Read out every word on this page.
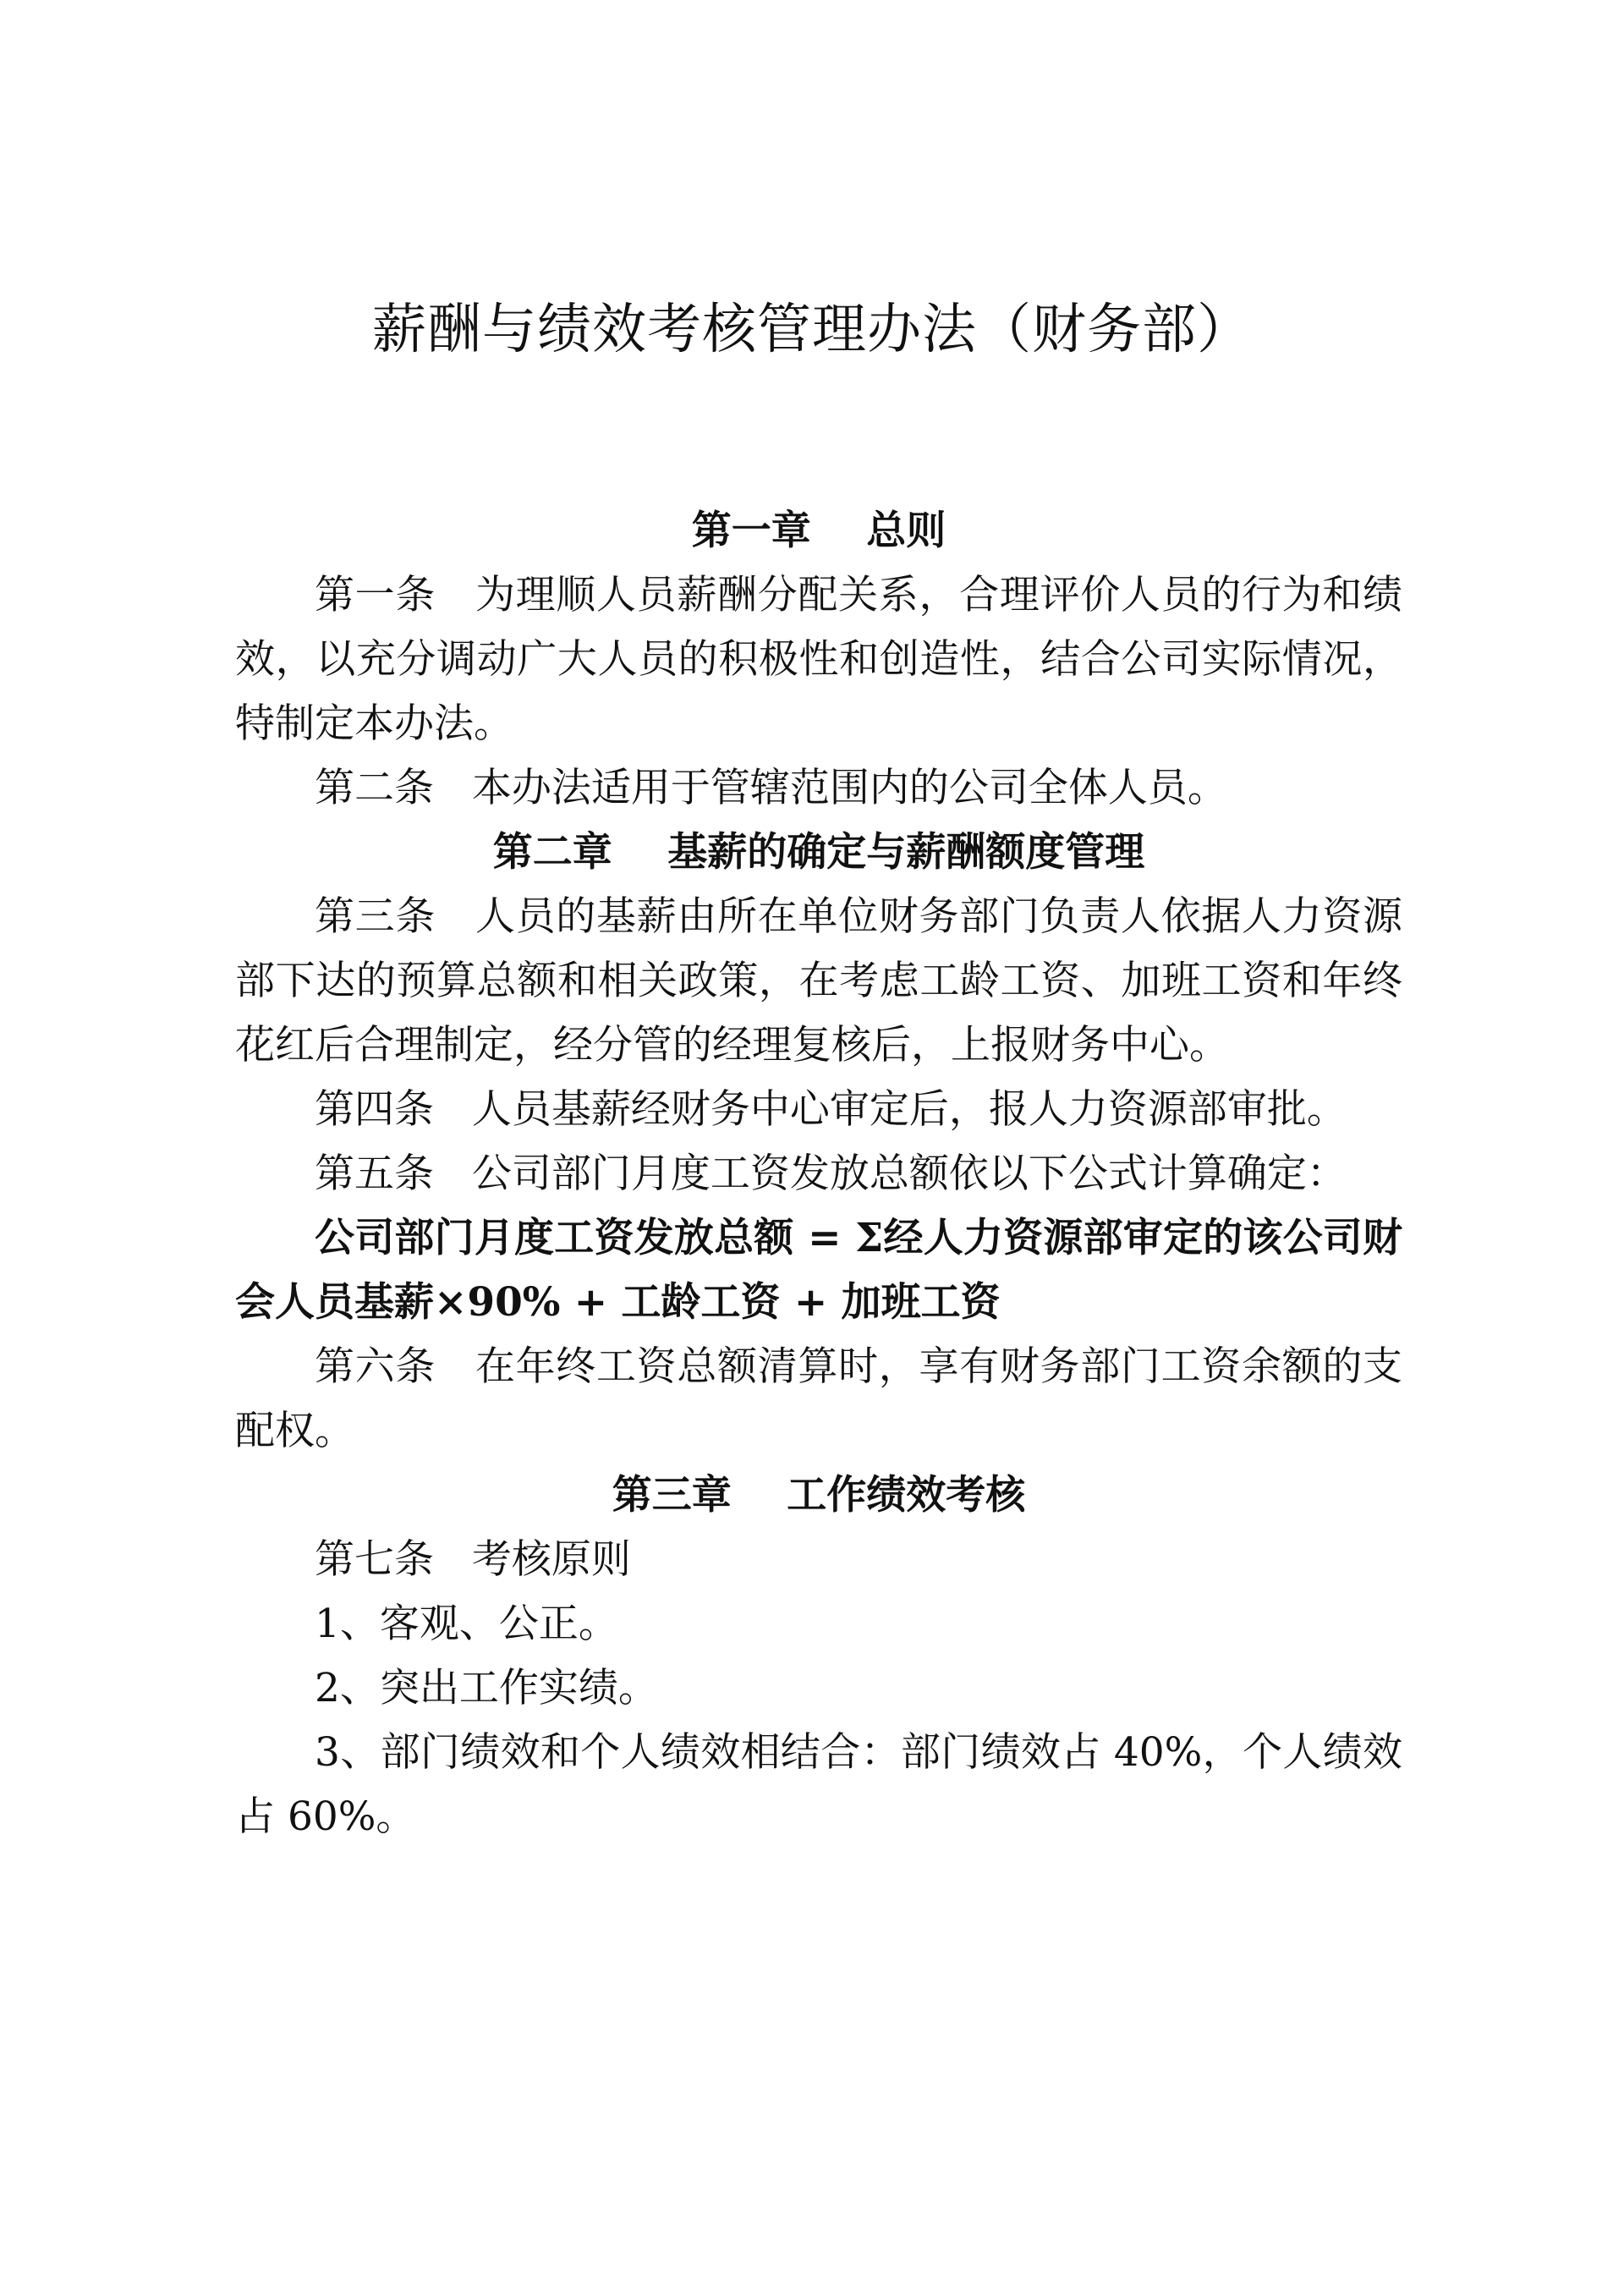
薪酬与绩效考核管理办法（财务部）

第一章    总则

第一条   为理顺人员薪酬分配关系，合理评价人员的行为和绩效，以充分调动广大人员的积极性和创造性，结合公司实际情况，特制定本办法。

第二条   本办法适用于管辖范围内的公司全体人员。

第二章    基薪的确定与薪酬额度管理

第三条   人员的基薪由所在单位财务部门负责人依据人力资源部下达的预算总额和相关政策，在考虑工龄工资、加班工资和年终花红后合理制定，经分管的经理复核后，上报财务中心。

第四条   人员基薪经财务中心审定后，报人力资源部审批。

第五条   公司部门月度工资发放总额依以下公式计算确定：

公司部门月度工资发放总额 = Σ经人力资源部审定的该公司财会人员基薪×90% + 工龄工资 + 加班工资

第六条   在年终工资总额清算时，享有财务部门工资余额的支配权。

第三章    工作绩效考核

第七条   考核原则

1、客观、公正。

2、突出工作实绩。

3、部门绩效和个人绩效相结合：部门绩效占 40%，个人绩效占 60%。
